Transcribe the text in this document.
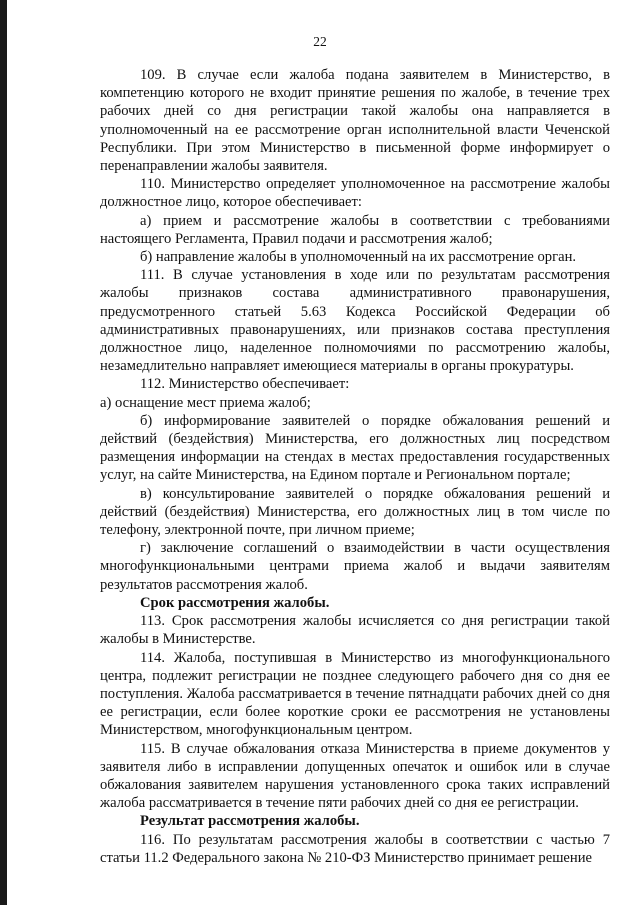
22

109. В случае если жалоба подана заявителем в Министерство, в компетенцию которого не входит принятие решения по жалобе, в течение трех рабочих дней со дня регистрации такой жалобы она направляется в уполномоченный на ее рассмотрение орган исполнительной власти Чеченской Республики. При этом Министерство в письменной форме информирует о перенаправлении жалобы заявителя.

110. Министерство определяет уполномоченное на рассмотрение жалобы должностное лицо, которое обеспечивает:

а) прием и рассмотрение жалобы в соответствии с требованиями настоящего Регламента, Правил подачи и рассмотрения жалоб;

б) направление жалобы в уполномоченный на их рассмотрение орган.

111. В случае установления в ходе или по результатам рассмотрения жалобы признаков состава административного правонарушения, предусмотренного статьей 5.63 Кодекса Российской Федерации об административных правонарушениях, или признаков состава преступления должностное лицо, наделенное полномочиями по рассмотрению жалобы, незамедлительно направляет имеющиеся материалы в органы прокуратуры.

112. Министерство обеспечивает:

а) оснащение мест приема жалоб;

б) информирование заявителей о порядке обжалования решений и действий (бездействия) Министерства, его должностных лиц посредством размещения информации на стендах в местах предоставления государственных услуг, на сайте Министерства, на Едином портале и Региональном портале;

в) консультирование заявителей о порядке обжалования решений и действий (бездействия) Министерства, его должностных лиц в том числе по телефону, электронной почте, при личном приеме;

г) заключение соглашений о взаимодействии в части осуществления многофункциональными центрами приема жалоб и выдачи заявителям результатов рассмотрения жалоб.

Срок рассмотрения жалобы.

113. Срок рассмотрения жалобы исчисляется со дня регистрации такой жалобы в Министерстве.

114. Жалоба, поступившая в Министерство из многофункционального центра, подлежит регистрации не позднее следующего рабочего дня со дня ее поступления. Жалоба рассматривается в течение пятнадцати рабочих дней со дня ее регистрации, если более короткие сроки ее рассмотрения не установлены Министерством, многофункциональным центром.

115. В случае обжалования отказа Министерства в приеме документов у заявителя либо в исправлении допущенных опечаток и ошибок или в случае обжалования заявителем нарушения установленного срока таких исправлений жалоба рассматривается в течение пяти рабочих дней со дня ее регистрации.

Результат рассмотрения жалобы.

116. По результатам рассмотрения жалобы в соответствии с частью 7 статьи 11.2 Федерального закона № 210-ФЗ Министерство принимает решение
